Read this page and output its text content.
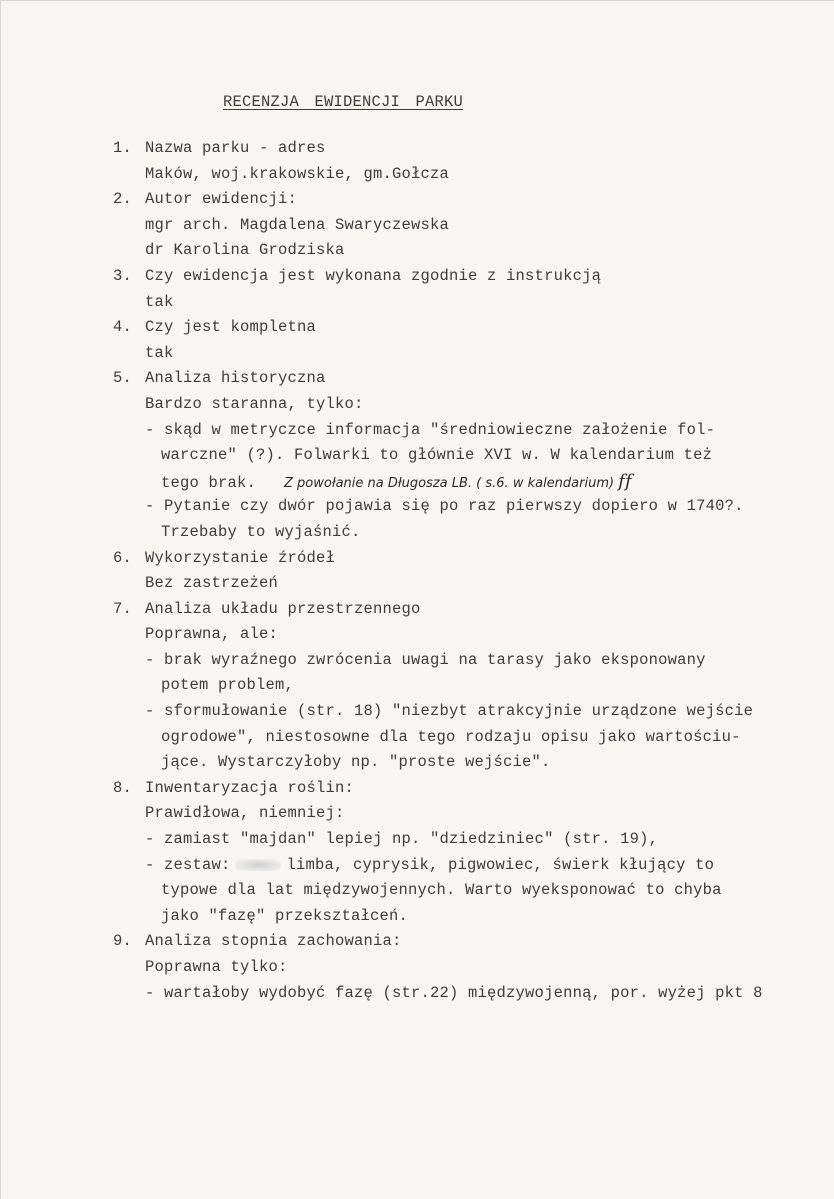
RECENZJA EWIDENCJI PARKU
1. Nazwa parku - adres
Maków, woj.krakowskie, gm.Gołcza
2. Autor ewidencji:
mgr arch. Magdalena Swaryczewska
dr Karolina Grodziska
3. Czy ewidencja jest wykonana zgodnie z instrukcją
tak
4. Czy jest kompletna
tak
5. Analiza historyczna
Bardzo staranna, tylko:
- skąd w metryczce informacja "średniowieczne założenie fol-
warczne" (?). Folwarki to głównie XVI w. W kalendarium też
tego brak. Z powołanie na Długosza LB. ( s.6. w kalendarium) ff
- Pytanie czy dwór pojawia się po raz pierwszy dopiero w 1740?.
Trzebaby to wyjaśnić.
6. Wykorzystanie źródeł
Bez zastrzeżeń
7. Analiza układu przestrzennego
Poprawna, ale:
- brak wyraźnego zwrócenia uwagi na tarasy jako eksponowany
potem problem,
- sformułowanie (str. 18) "niezbyt atrakcyjnie urządzone wejście
ogrodowe", niestosowne dla tego rodzaju opisu jako wartościu-
jące. Wystarczyłoby np. "proste wejście".
8. Inwentaryzacja roślin:
Prawidłowa, niemniej:
- zamiast "majdan" lepiej np. "dziedziniec" (str. 19),
- zestaw:	limba, cyprysik, pigwowiec, świerk kłujący to
typowe dla lat międzywojennych. Warto wyeksponować to chyba
jako "fazę" przekształceń.
9. Analiza stopnia zachowania:
Poprawna tylko:
- wartałoby wydobyć fazę (str.22) międzywojenną, por. wyżej pkt 8
